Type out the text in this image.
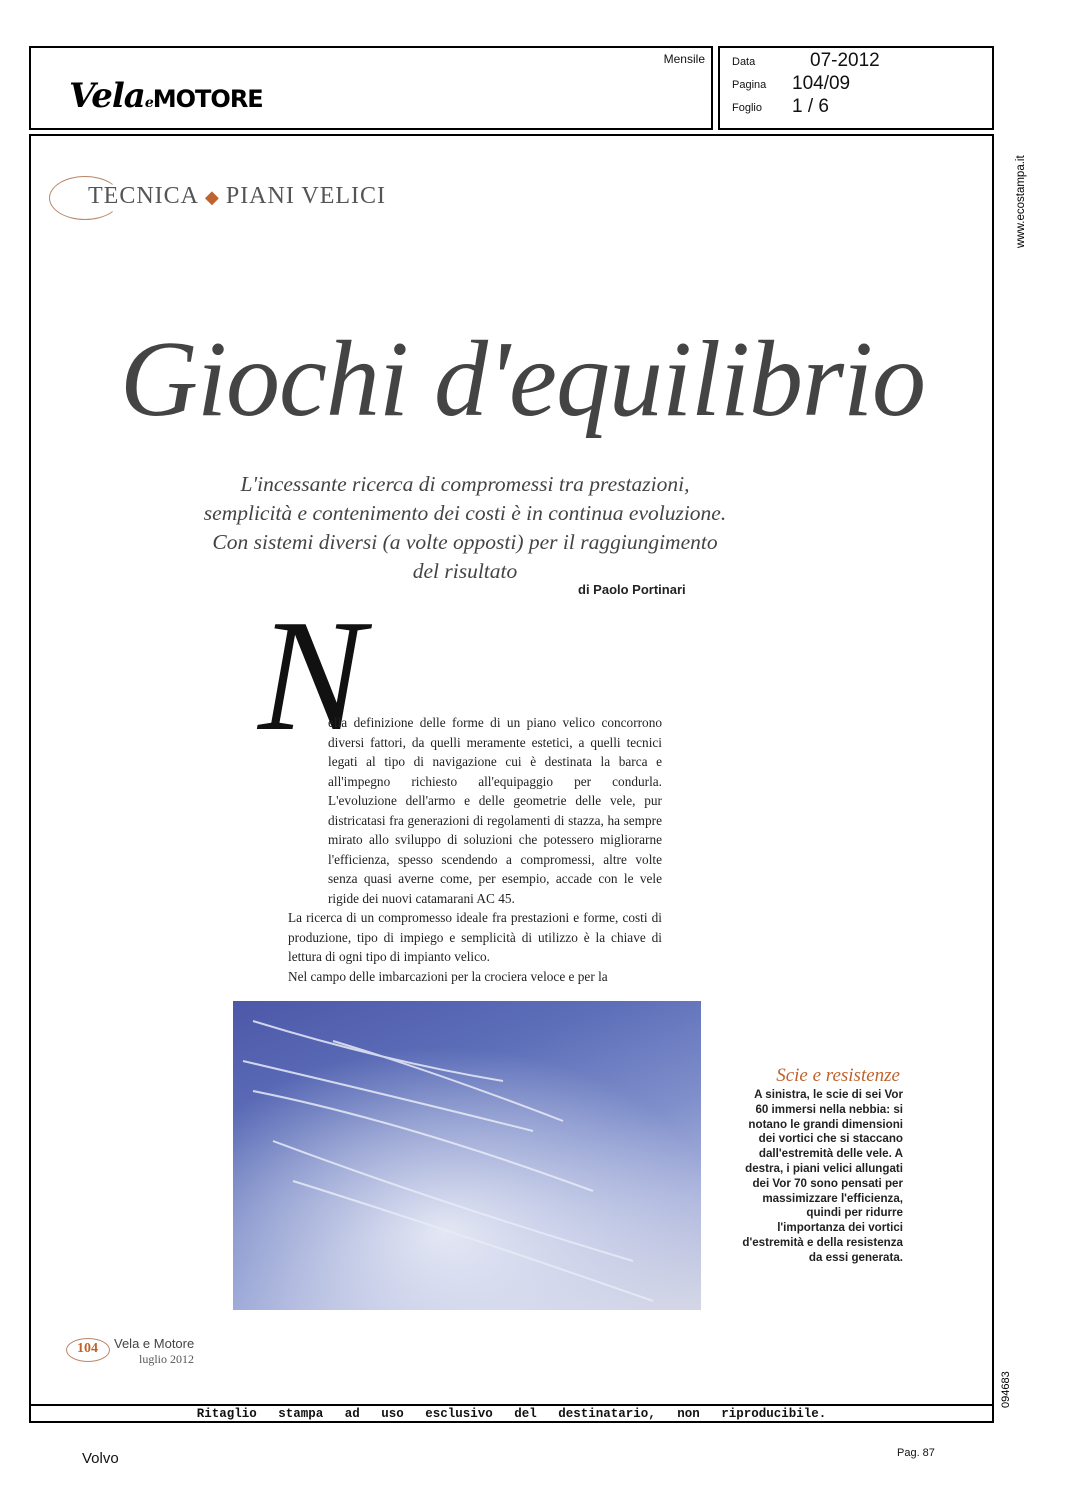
VelaeMOTORE
Mensile Data	07-2012
Pagina 104/09
Foglio 1 / 6
TECNICA ◆ PIANI VELICI
Giochi d'equilibrio
L'incessante ricerca di compromessi tra prestazioni, semplicità e contenimento dei costi è in continua evoluzione. Con sistemi diversi (a volte opposti) per il raggiungimento del risultato
di Paolo Portinari
N

ella definizione delle forme di un piano velico concorrono diversi fattori, da quelli meramente estetici, a quelli tecnici legati al tipo di navigazione cui è destinata la barca e all'impegno richiesto all'equipaggio per condurla. L'evoluzione dell'armo e delle geometrie delle vele, pur districatasi fra generazioni di regolamenti di stazza, ha sempre mirato allo sviluppo di soluzioni che potessero migliorarne l'efficienza, spesso scendendo a compromessi, altre volte senza quasi averne come, per esempio, accade con le vele rigide dei nuovi catamarani AC 45.

La ricerca di un compromesso ideale fra prestazioni e forme, costi di produzione, tipo di impiego e semplicità di utilizzo è la chiave di lettura di ogni tipo di impianto velico.

Nel campo delle imbarcazioni per la crociera veloce e per la

Scie e resistenze
A sinistra, le scie di sei Vor 60 immersi nella nebbia: si notano le grandi dimensioni dei vortici che si staccano dall'estremità delle vele. A destra, i piani velici allungati dei Vor 70 sono pensati per massimizzare l'efficienza, quindi per ridurre l'importanza dei vortici d'estremità e della resistenza da essi generata.
104 Vela e Motore
luglio 2012
www.ecostampa.it
094683
Ritaglio stampa ad uso esclusivo del destinatario, non riproducibile.
Volvo	Pag. 87
